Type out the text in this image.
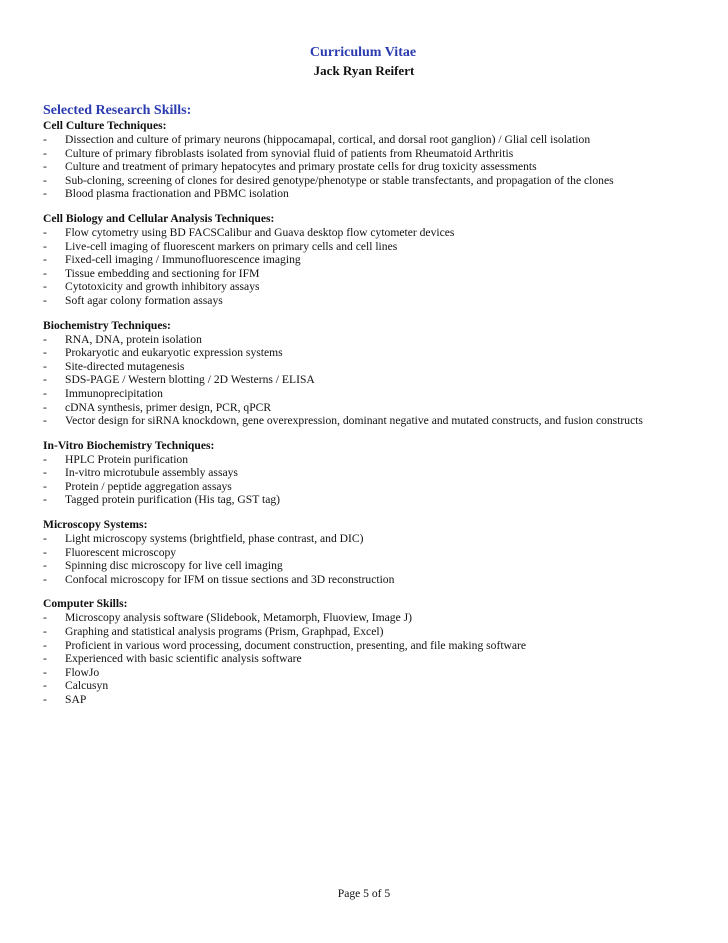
Curriculum Vitae
Jack Ryan Reifert
Selected Research Skills:
Cell Culture Techniques:
-	Dissection and culture of primary neurons (hippocamapal, cortical, and dorsal root ganglion) / Glial cell isolation
-	Culture of primary fibroblasts isolated from synovial fluid of patients from Rheumatoid Arthritis
-	Culture and treatment of primary hepatocytes and primary prostate cells for drug toxicity assessments
-	Sub-cloning, screening of clones for desired genotype/phenotype or stable transfectants, and propagation of the clones
-	Blood plasma fractionation and PBMC isolation
Cell Biology and Cellular Analysis Techniques:
-	Flow cytometry using BD FACSCalibur and Guava desktop flow cytometer devices
-	Live-cell imaging of fluorescent markers on primary cells and cell lines
-	Fixed-cell imaging / Immunofluorescence imaging
-	Tissue embedding and sectioning for IFM
-	Cytotoxicity and growth inhibitory assays
-	Soft agar colony formation assays
Biochemistry Techniques:
-	RNA, DNA, protein isolation
-	Prokaryotic and eukaryotic expression systems
-	Site-directed mutagenesis
-	SDS-PAGE / Western blotting / 2D Westerns / ELISA
-	Immunoprecipitation
-	cDNA synthesis, primer design, PCR, qPCR
-	Vector design for siRNA knockdown, gene overexpression, dominant negative and mutated constructs, and fusion constructs
In-Vitro Biochemistry Techniques:
-	HPLC Protein purification
-	In-vitro microtubule assembly assays
-	Protein / peptide aggregation assays
-	Tagged protein purification (His tag, GST tag)
Microscopy Systems:
-	Light microscopy systems (brightfield, phase contrast, and DIC)
-	Fluorescent microscopy
-	Spinning disc microscopy for live cell imaging
-	Confocal microscopy for IFM on tissue sections and 3D reconstruction
Computer Skills:
-	Microscopy analysis software (Slidebook, Metamorph, Fluoview, Image J)
-	Graphing and statistical analysis programs (Prism, Graphpad, Excel)
-	Proficient in various word processing, document construction, presenting, and file making software
-	Experienced with basic scientific analysis software
-	FlowJo
-	Calcusyn
-	SAP
Page 5 of 5
